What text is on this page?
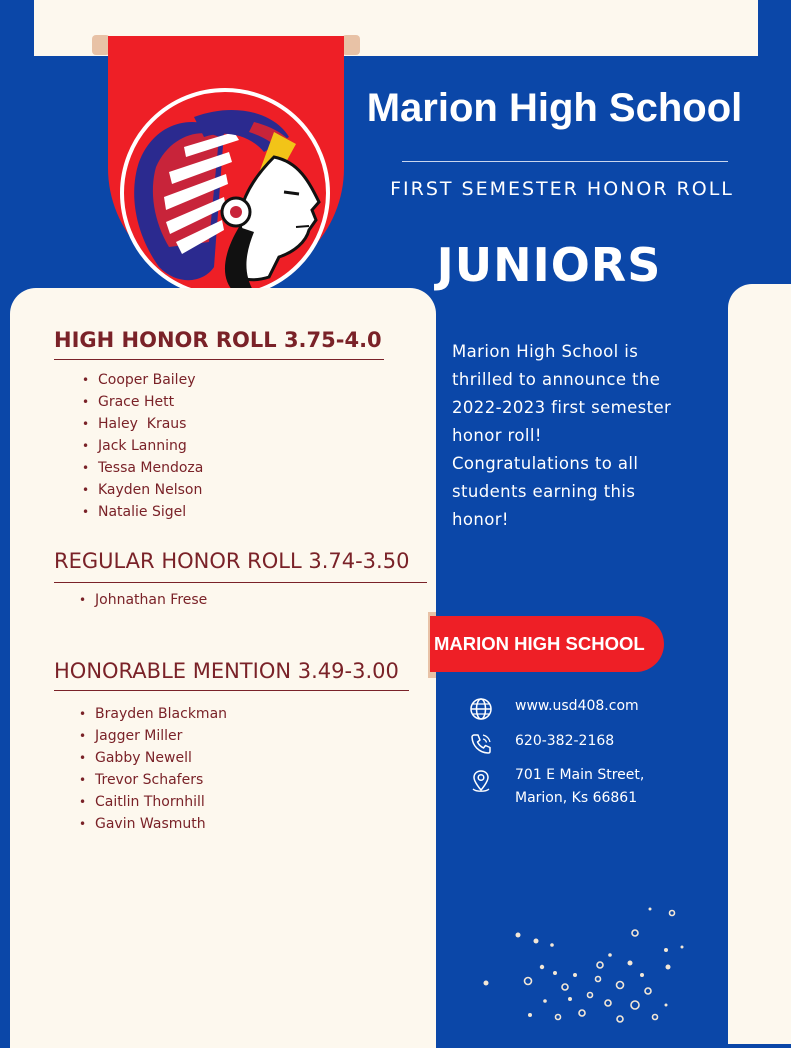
Marion High School
FIRST SEMESTER HONOR ROLL
JUNIORS
HIGH HONOR ROLL 3.75-4.0
• Cooper Bailey
• Grace Hett
• Haley  Kraus
• Jack Lanning
• Tessa Mendoza
• Kayden Nelson
• Natalie Sigel
REGULAR HONOR ROLL 3.74-3.50
• Johnathan Frese
HONORABLE MENTION 3.49-3.00
• Brayden Blackman
• Jagger Miller
• Gabby Newell
• Trevor Schafers
• Caitlin Thornhill
• Gavin Wasmuth
Marion High School is
thrilled to announce the
2022-2023 first semester
honor roll!
Congratulations to all
students earning this
honor!
MARION HIGH SCHOOL
www.usd408.com
620-382-2168
701 E Main Street,
Marion, Ks 66861
